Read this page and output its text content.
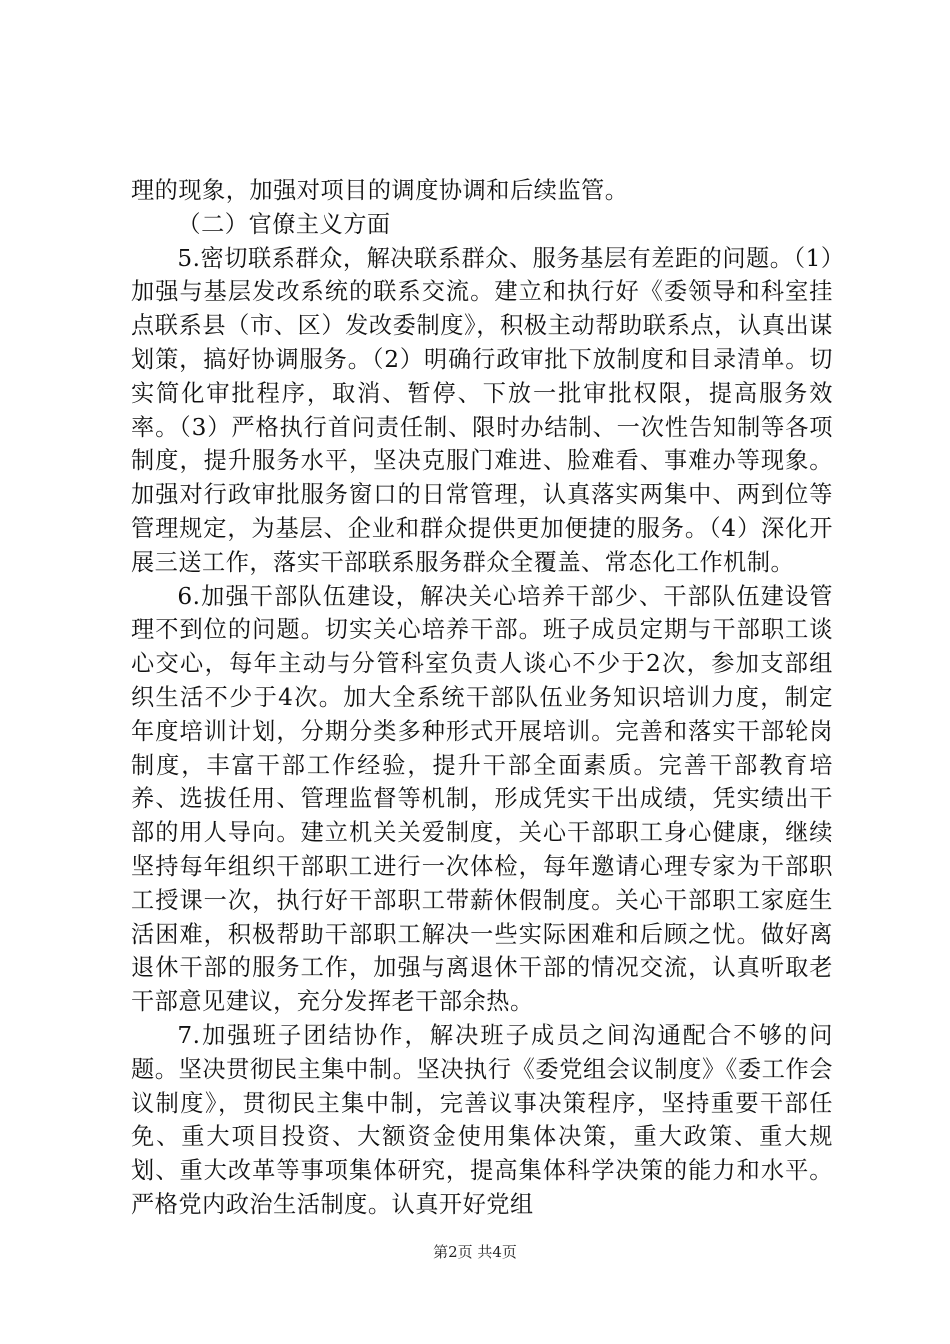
理的现象，加强对项目的调度协调和后续监管。

（二）官僚主义方面

5.密切联系群众，解决联系群众、服务基层有差距的问题。（1）加强与基层发改系统的联系交流。建立和执行好《委领导和科室挂点联系县（市、区）发改委制度》，积极主动帮助联系点，认真出谋划策，搞好协调服务。（2）明确行政审批下放制度和目录清单。切实简化审批程序，取消、暂停、下放一批审批权限，提高服务效率。（3）严格执行首问责任制、限时办结制、一次性告知制等各项制度，提升服务水平，坚决克服门难进、脸难看、事难办等现象。加强对行政审批服务窗口的日常管理，认真落实两集中、两到位等管理规定，为基层、企业和群众提供更加便捷的服务。（4）深化开展三送工作，落实干部联系服务群众全覆盖、常态化工作机制。

6.加强干部队伍建设，解决关心培养干部少、干部队伍建设管理不到位的问题。切实关心培养干部。班子成员定期与干部职工谈心交心，每年主动与分管科室负责人谈心不少于2次，参加支部组织生活不少于4次。加大全系统干部队伍业务知识培训力度，制定年度培训计划，分期分类多种形式开展培训。完善和落实干部轮岗制度，丰富干部工作经验，提升干部全面素质。完善干部教育培养、选拔任用、管理监督等机制，形成凭实干出成绩，凭实绩出干部的用人导向。建立机关关爱制度，关心干部职工身心健康，继续坚持每年组织干部职工进行一次体检，每年邀请心理专家为干部职工授课一次，执行好干部职工带薪休假制度。关心干部职工家庭生活困难，积极帮助干部职工解决一些实际困难和后顾之忧。做好离退休干部的服务工作，加强与离退休干部的情况交流，认真听取老干部意见建议，充分发挥老干部余热。

7.加强班子团结协作，解决班子成员之间沟通配合不够的问题。坚决贯彻民主集中制。坚决执行《委党组会议制度》《委工作会议制度》，贯彻民主集中制，完善议事决策程序，坚持重要干部任免、重大项目投资、大额资金使用集体决策，重大政策、重大规划、重大改革等事项集体研究，提高集体科学决策的能力和水平。严格党内政治生活制度。认真开好党组

第2页 共4页
